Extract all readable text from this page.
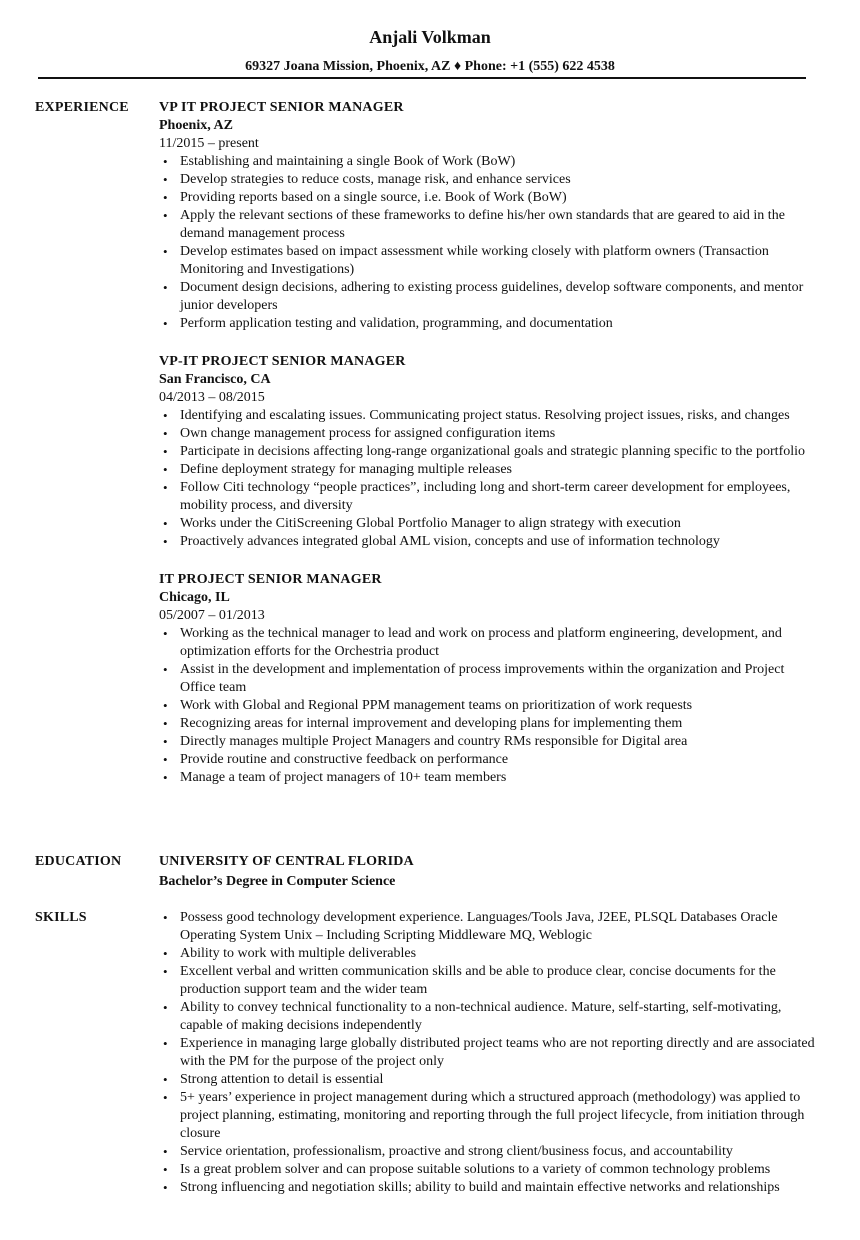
Anjali Volkman
69327 Joana Mission, Phoenix, AZ ♦ Phone: +1 (555) 622 4538
EXPERIENCE VP IT PROJECT SENIOR MANAGER
Phoenix, AZ
11/2015 – present
• Establishing and maintaining a single Book of Work (BoW)
• Develop strategies to reduce costs, manage risk, and enhance services
• Providing reports based on a single source, i.e. Book of Work (BoW)
• Apply the relevant sections of these frameworks to define his/her own standards that are geared to aid in the demand management process
• Develop estimates based on impact assessment while working closely with platform owners (Transaction Monitoring and Investigations)
• Document design decisions, adhering to existing process guidelines, develop software components, and mentor junior developers
• Perform application testing and validation, programming, and documentation
VP-IT PROJECT SENIOR MANAGER
San Francisco, CA
04/2013 – 08/2015
• Identifying and escalating issues. Communicating project status. Resolving project issues, risks, and changes
• Own change management process for assigned configuration items
• Participate in decisions affecting long-range organizational goals and strategic planning specific to the portfolio
• Define deployment strategy for managing multiple releases
• Follow Citi technology “people practices”, including long and short-term career development for employees, mobility process, and diversity
• Works under the CitiScreening Global Portfolio Manager to align strategy with execution
• Proactively advances integrated global AML vision, concepts and use of information technology
IT PROJECT SENIOR MANAGER
Chicago, IL
05/2007 – 01/2013
• Working as the technical manager to lead and work on process and platform engineering, development, and optimization efforts for the Orchestria product
• Assist in the development and implementation of process improvements within the organization and Project Office team
• Work with Global and Regional PPM management teams on prioritization of work requests
• Recognizing areas for internal improvement and developing plans for implementing them
• Directly manages multiple Project Managers and country RMs responsible for Digital area
• Provide routine and constructive feedback on performance
• Manage a team of project managers of 10+ team members
EDUCATION	UNIVERSITY OF CENTRAL FLORIDA
Bachelor’s Degree in Computer Science
SKILLS	• Possess good technology development experience. Languages/Tools Java, J2EE, PLSQL Databases Oracle Operating System Unix – Including Scripting Middleware MQ, Weblogic
• Ability to work with multiple deliverables
• Excellent verbal and written communication skills and be able to produce clear, concise documents for the production support team and the wider team
• Ability to convey technical functionality to a non-technical audience. Mature, self-starting, self-motivating, capable of making decisions independently
• Experience in managing large globally distributed project teams who are not reporting directly and are associated with the PM for the purpose of the project only
• Strong attention to detail is essential
• 5+ years’ experience in project management during which a structured approach (methodology) was applied to project planning, estimating, monitoring and reporting through the full project lifecycle, from initiation through closure
• Service orientation, professionalism, proactive and strong client/business focus, and accountability
• Is a great problem solver and can propose suitable solutions to a variety of common technology problems
• Strong influencing and negotiation skills; ability to build and maintain effective networks and relationships
